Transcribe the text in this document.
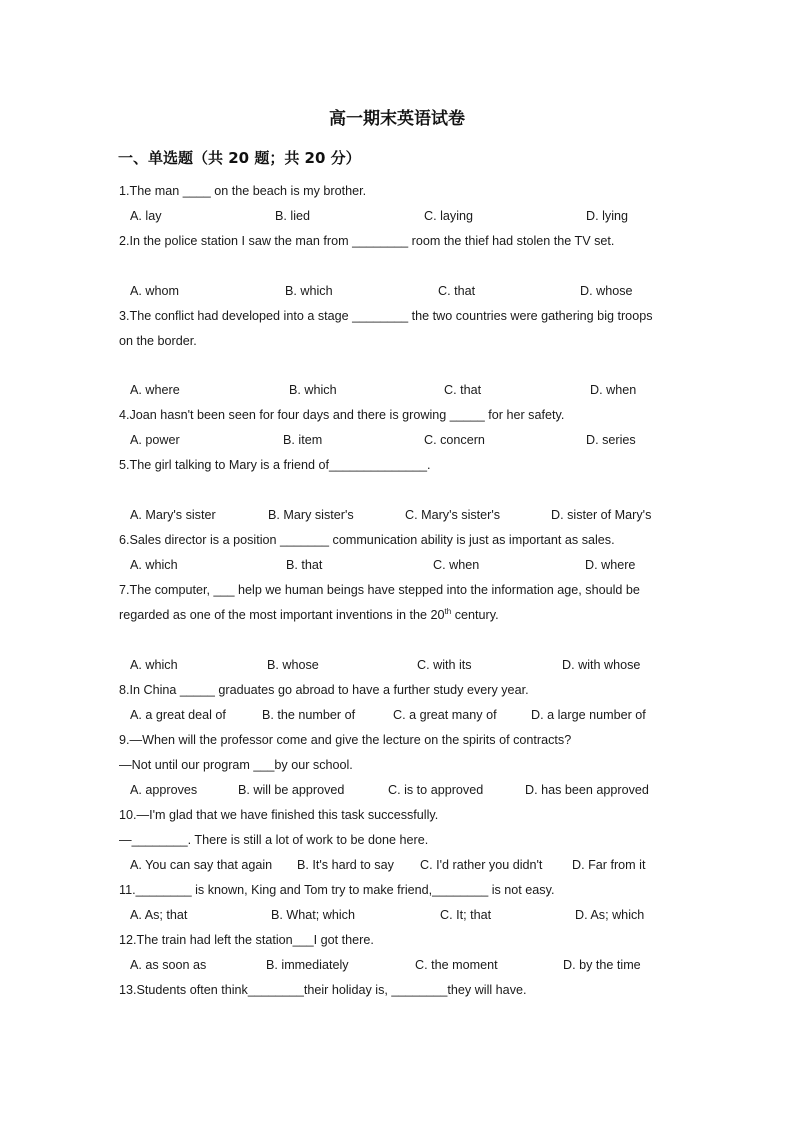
高一期末英语试卷
一、单选题（共 20 题；共 20 分）
1.The man ____ on the beach is my brother.
A. lay	B. lied	C. laying	D. lying
2.In the police station I saw the man from ________ room the thief had stolen the TV set.
A. whom	B. which	C. that	D. whose
3.The conflict had developed into a stage ________ the two countries were gathering big troops
on the border.
A. where	B. which	C. that	D. when
4.Joan hasn't been seen for four days and there is growing _____ for her safety.
A. power	B. item	C. concern	D. series
5.The girl talking to Mary is a friend of______________.
A. Mary's sister	B. Mary sister's	C. Mary's sister's	D. sister of Mary's
6.Sales director is a position _______ communication ability is just as important as sales.
A. which	B. that	C. when	D. where
7.The computer, ___ help we human beings have stepped into the information age, should be
regarded as one of the most important inventions in the 20th century.
A. which	B. whose	C. with its	D. with whose
8.In China _____ graduates go abroad to have a further study every year.
A. a great deal of	B. the number of	C. a great many of	D. a large number of
9.—When will the professor come and give the lecture on the spirits of contracts?
—Not until our program ___by our school.
A. approves	B. will be approved	C. is to approved	D. has been approved
10.—I'm glad that we have finished this task successfully.
—________. There is still a lot of work to be done here.
A. You can say that again B. It's hard to say C. I'd rather you didn't D. Far from it
11.________ is known, King and Tom try to make friend,________ is not easy.
A. As; that	B. What; which	C. It; that	D. As; which
12.The train had left the station___I got there.
A. as soon as	B. immediately	C. the moment	D. by the time
13.Students often think________their holiday is, ________they will have.
